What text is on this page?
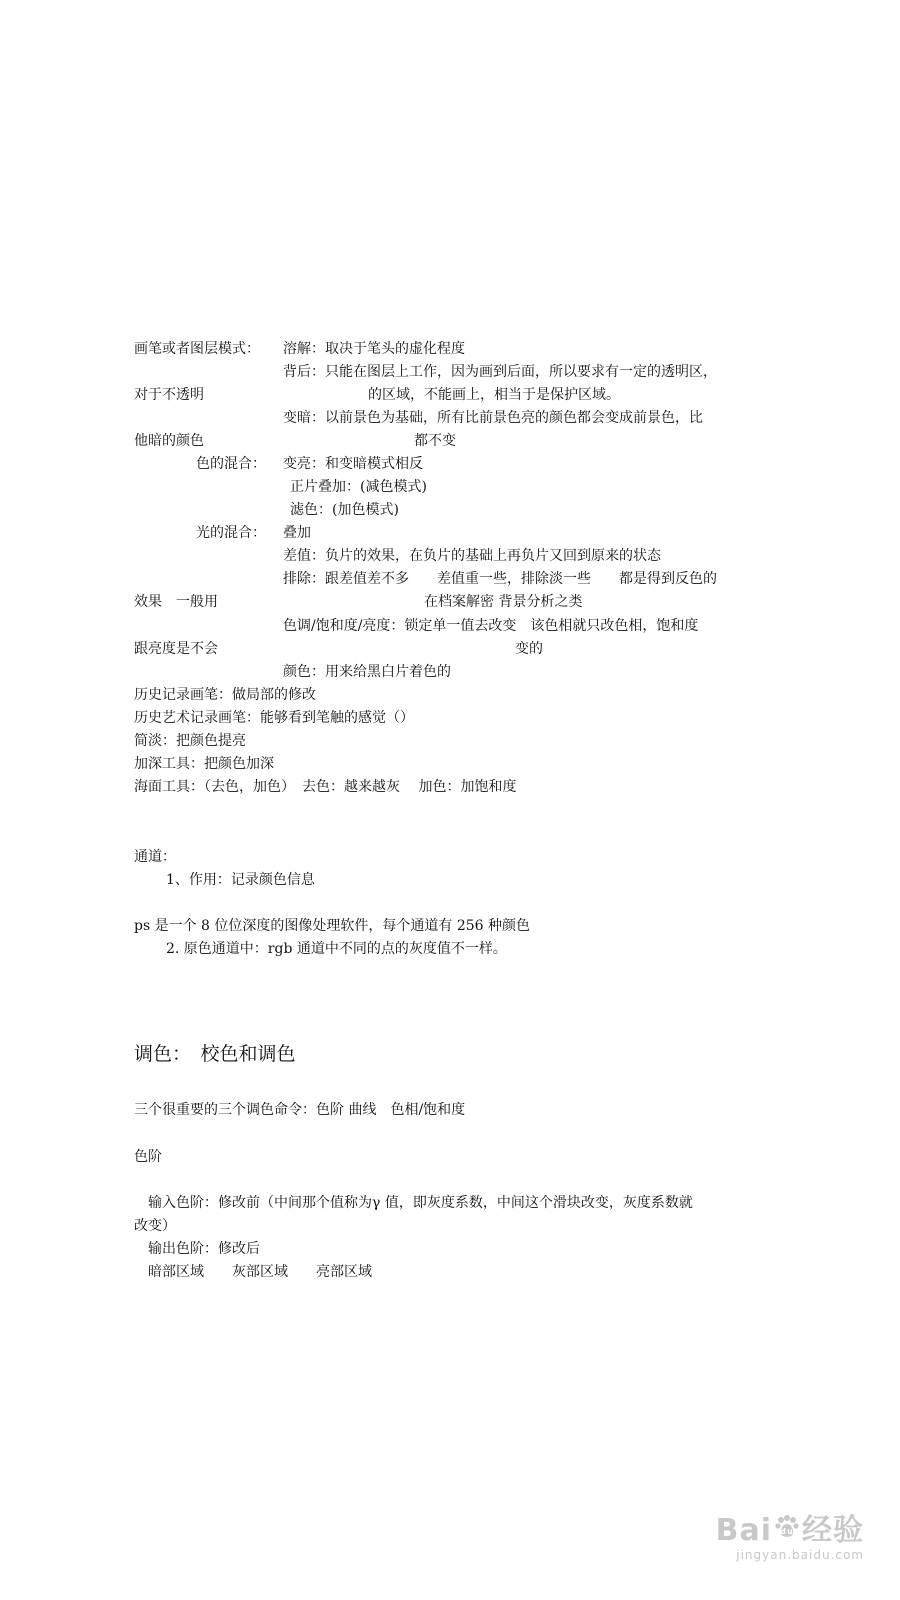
画笔或者图层模式： 溶解：取决于笔头的虚化程度
背后：只能在图层上工作，因为画到后面，所以要求有一定的透明区，
对于不透明	的区域，不能画上，相当于是保护区域。
变暗：以前景色为基础，所有比前景色亮的颜色都会变成前景色，比
他暗的颜色	都不变
色的混合： 变亮：和变暗模式相反
正片叠加：(减色模式)
滤色：(加色模式)
光的混合： 叠加
差值：负片的效果，在负片的基础上再负片又回到原来的状态
排除：跟差值差不多　　差值重一些，排除淡一些　　都是得到反色的
效果　一般用	在档案解密 背景分析之类
色调/饱和度/亮度：锁定单一值去改变　该色相就只改色相，饱和度
跟亮度是不会	变的
颜色：用来给黑白片着色的
历史记录画笔：做局部的修改
历史艺术记录画笔：能够看到笔触的感觉（）
简淡：把颜色提亮
加深工具：把颜色加深
海面工具：（去色，加色）　去色：越来越灰　 加色：加饱和度
通道：
1、作用：记录颜色信息
ps 是一个 8 位位深度的图像处理软件，每个通道有 256 种颜色
2. 原色通道中：rgb 通道中不同的点的灰度值不一样。
调色：　校色和调色
三个很重要的三个调色命令：色阶 曲线　色相/饱和度
色阶
输入色阶：修改前（中间那个值称为γ 值，即灰度系数，中间这个滑块改变，灰度系数就
改变）
输出色阶：修改后
暗部区域　　灰部区域　　亮部区域
Bai du 经验
jingyan.baidu.com
